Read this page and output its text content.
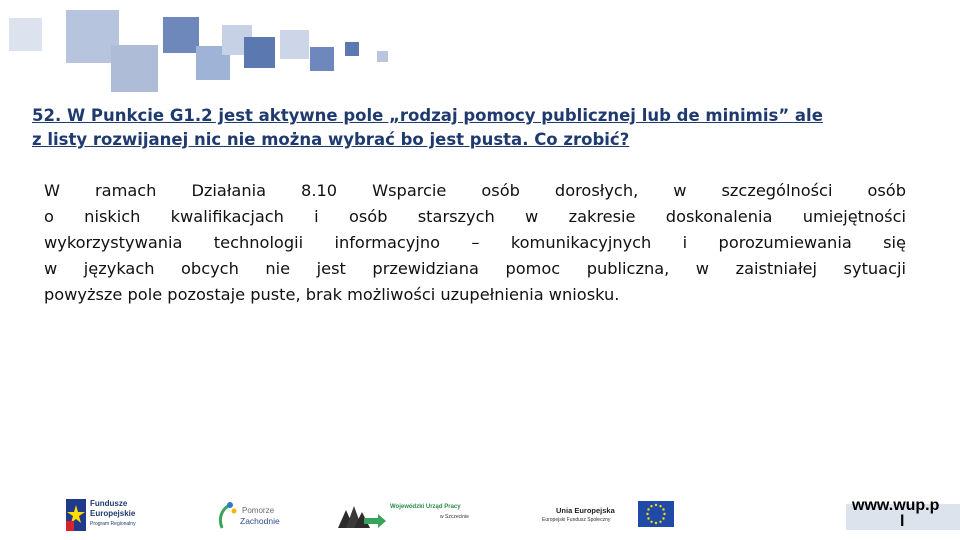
52. W Punkcie G1.2 jest aktywne pole „rodzaj pomocy publicznej lub de minimis” ale
z listy rozwijanej nic nie można wybrać bo jest pusta. Co zrobić?
W ramach Działania 8.10 Wsparcie osób dorosłych, w szczególności osób
o niskich kwalifikacjach i osób starszych w zakresie doskonalenia umiejętności
wykorzystywania technologii informacyjno – komunikacyjnych i porozumiewania się
w językach obcych nie jest przewidziana pomoc publiczna, w zaistniałej sytuacji
powyższe pole pozostaje puste, brak możliwości uzupełnienia wniosku.
Fundusze
Europejskie
Program Regionalny
Pomorze
Zachodnie
Wojewódzki Urząd Pracy
w Szczecinie
Unia Europejska
Europejski Fundusz Społeczny
www.wup.p
l
